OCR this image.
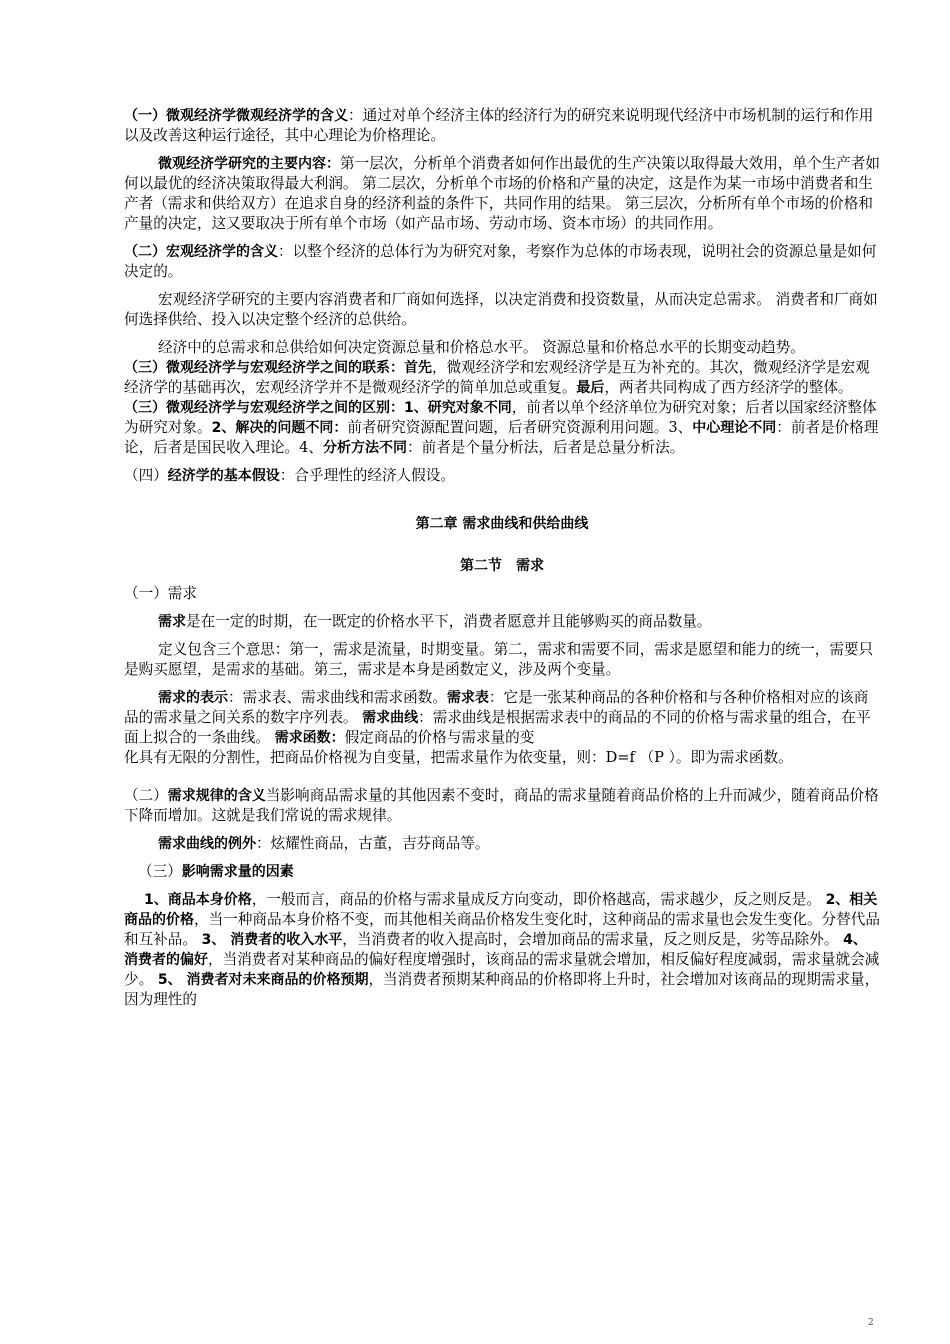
（一）微观经济学微观经济学的含义：通过对单个经济主体的经济行为的研究来说明现代经济中市场机制的运行和作用以及改善这种运行途径，其中心理论为价格理论。

微观经济学研究的主要内容：第一层次，分析单个消费者如何作出最优的生产决策以取得最大效用，单个生产者如何以最优的经济决策取得最大利润。 第二层次，分析单个市场的价格和产量的决定，这是作为某一市场中消费者和生产者（需求和供给双方）在追求自身的经济利益的条件下，共同作用的结果。 第三层次，分析所有单个市场的价格和产量的决定，这又要取决于所有单个市场（如产品市场、劳动市场、资本市场）的共同作用。

（二）宏观经济学的含义：以整个经济的总体行为为研究对象，考察作为总体的市场表现，说明社会的资源总量是如何决定的。

宏观经济学研究的主要内容消费者和厂商如何选择，以决定消费和投资数量，从而决定总需求。 消费者和厂商如何选择供给、投入以决定整个经济的总供给。

经济中的总需求和总供给如何决定资源总量和价格总水平。 资源总量和价格总水平的长期变动趋势。

（三）微观经济学与宏观经济学之间的联系：首先，微观经济学和宏观经济学是互为补充的。其次，微观经济学是宏观经济学的基础再次，宏观经济学并不是微观经济学的简单加总或重复。最后，两者共同构成了西方经济学的整体。

（三）微观经济学与宏观经济学之间的区别：1、研究对象不同，前者以单个经济单位为研究对象；后者以国家经济整体为研究对象。2、解决的问题不同：前者研究资源配置问题，后者研究资源利用问题。3、中心理论不同：前者是价格理论，后者是国民收入理论。4、分析方法不同：前者是个量分析法，后者是总量分析法。

（四）经济学的基本假设：合乎理性的经济人假设。

第二章 需求曲线和供给曲线

第二节　需求

（一）需求

需求是在一定的时期，在一既定的价格水平下，消费者愿意并且能够购买的商品数量。

定义包含三个意思：第一，需求是流量，时期变量。第二，需求和需要不同，需求是愿望和能力的统一，需要只是购买愿望，是需求的基础。第三，需求是本身是函数定义，涉及两个变量。

需求的表示：需求表、需求曲线和需求函数。需求表：它是一张某种商品的各种价格和与各种价格相对应的该商品的需求量之间关系的数字序列表。 需求曲线：需求曲线是根据需求表中的商品的不同的价格与需求量的组合，在平面上拟合的一条曲线。 需求函数：假定商品的价格与需求量的变

化具有无限的分割性，把商品价格视为自变量，把需求量作为依变量，则：D=f （P ）。即为需求函数。

（二）需求规律的含义当影响商品需求量的其他因素不变时，商品的需求量随着商品价格的上升而减少，随着商品价格下降而增加。这就是我们常说的需求规律。

需求曲线的例外：炫耀性商品，古董，吉芬商品等。

（三）影响需求量的因素

1、商品本身价格，一般而言，商品的价格与需求量成反方向变动，即价格越高，需求越少，反之则反是。 2、相关商品的价格，当一种商品本身价格不变，而其他相关商品价格发生变化时，这种商品的需求量也会发生变化。分替代品和互补品。 3、 消费者的收入水平，当消费者的收入提高时，会增加商品的需求量，反之则反是，劣等品除外。 4、消费者的偏好，当消费者对某种商品的偏好程度增强时，该商品的需求量就会增加，相反偏好程度减弱，需求量就会减少。 5、 消费者对未来商品的价格预期，当消费者预期某种商品的价格即将上升时，社会增加对该商品的现期需求量，因为理性的

2
